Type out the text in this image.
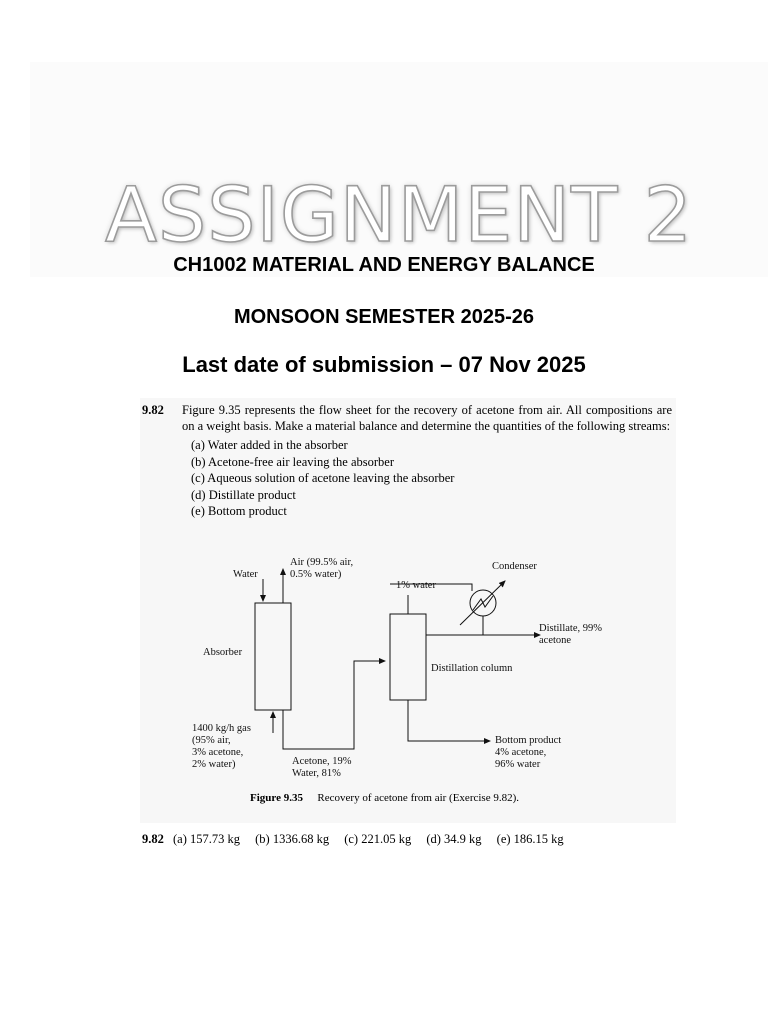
ASSIGNMENT 2
CH1002 MATERIAL AND ENERGY BALANCE
MONSOON SEMESTER 2025-26
Last date of submission – 07 Nov 2025
9.82	Figure 9.35 represents the flow sheet for the recovery of acetone from air. All compositions are on a weight basis. Make a material balance and determine the quantities of the following streams:
(a) Water added in the absorber
(b) Acetone-free air leaving the absorber
(c) Aqueous solution of acetone leaving the absorber
(d) Distillate product
(e) Bottom product
Water
Air (99.5% air,
0.5% water)
Absorber
1400 kg/h gas
(95% air,
3% acetone,
2% water)	Acetone, 19%
Water, 81%
1% water
Condenser
Distillate, 99%
acetone
Distillation column
Bottom product
4% acetone,
96% water
Figure 9.35 Recovery of acetone from air (Exercise 9.82).
9.82 (a) 157.73 kg (b) 1336.68 kg (c) 221.05 kg (d) 34.9 kg (e) 186.15 kg
